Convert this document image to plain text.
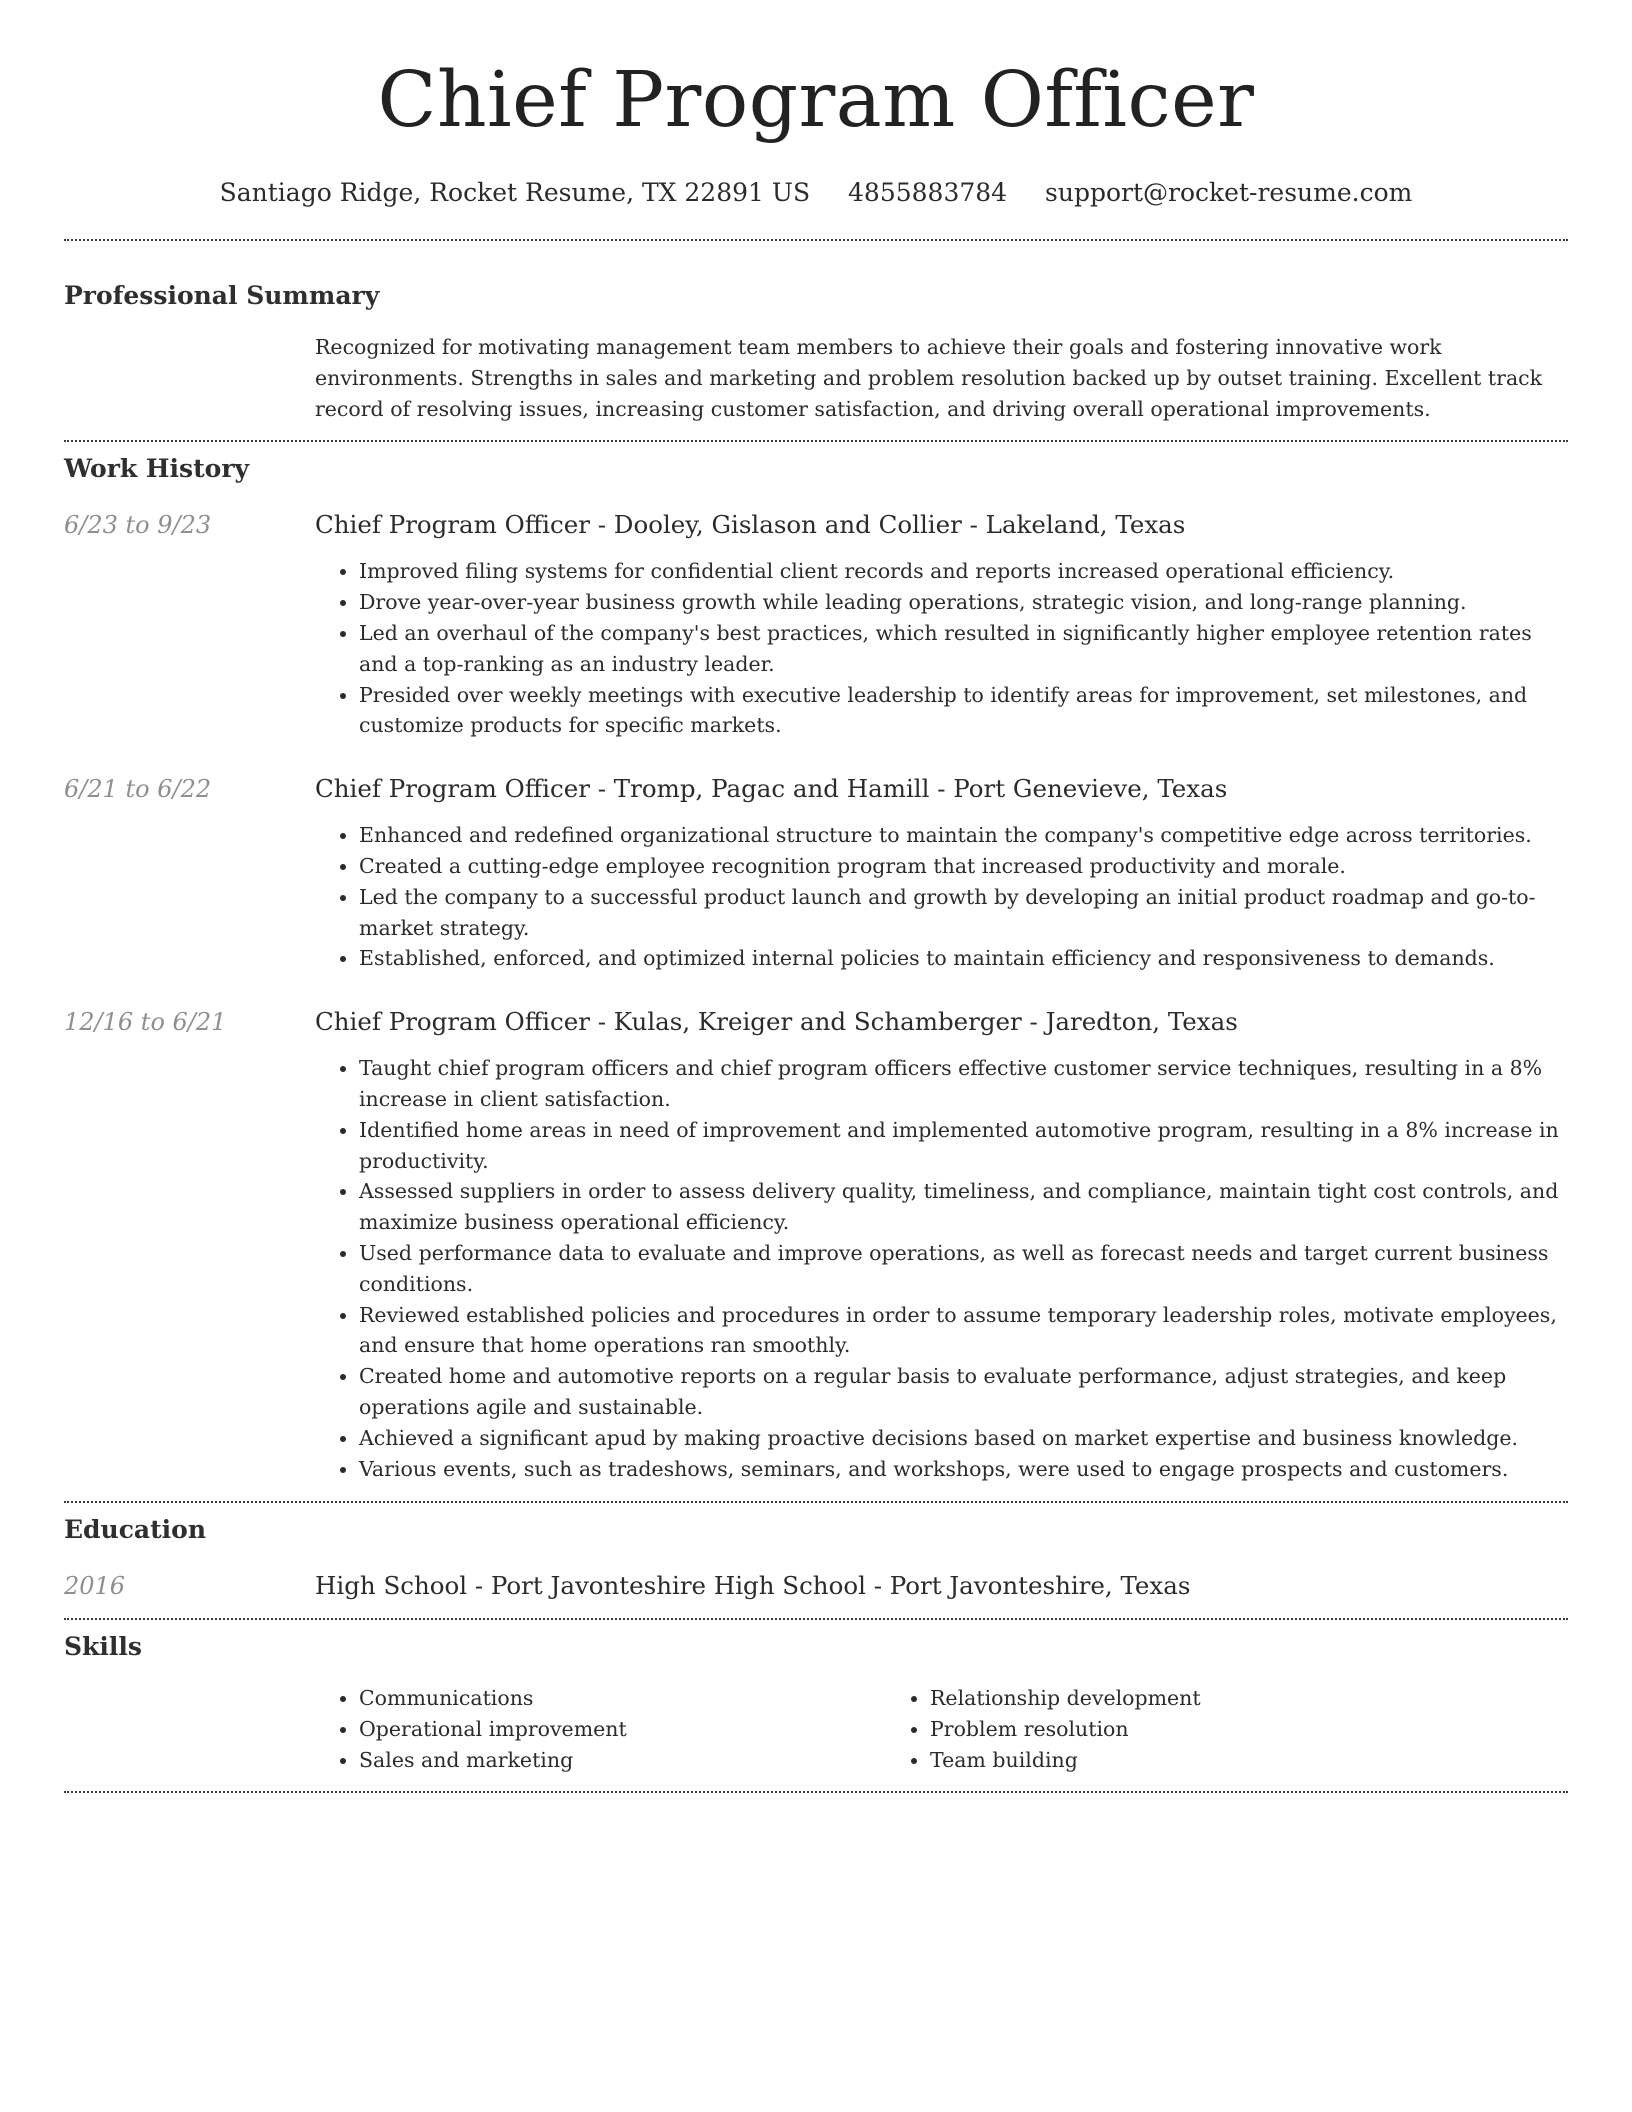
Chief Program Officer
Santiago Ridge, Rocket Resume, TX 22891 US 4855883784 support@rocket-resume.com
Professional Summary

Recognized for motivating management team members to achieve their goals and fostering innovative work environments. Strengths in sales and marketing and problem resolution backed up by outset training. Excellent track record of resolving issues, increasing customer satisfaction, and driving overall operational improvements.

Work History
6/23 to 9/23	Chief Program Officer - Dooley, Gislason and Collier - Lakeland, Texas
• Improved filing systems for confidential client records and reports increased operational efficiency.
• Drove year-over-year business growth while leading operations, strategic vision, and long-range planning.
• Led an overhaul of the company's best practices, which resulted in significantly higher employee retention rates and a top-ranking as an industry leader.
• Presided over weekly meetings with executive leadership to identify areas for improvement, set milestones, and customize products for specific markets.
6/21 to 6/22	Chief Program Officer - Tromp, Pagac and Hamill - Port Genevieve, Texas
• Enhanced and redefined organizational structure to maintain the company's competitive edge across territories.
• Created a cutting-edge employee recognition program that increased productivity and morale.
• Led the company to a successful product launch and growth by developing an initial product roadmap and go-to-market strategy.
• Established, enforced, and optimized internal policies to maintain efficiency and responsiveness to demands.
12/16 to 6/21	Chief Program Officer - Kulas, Kreiger and Schamberger - Jaredton, Texas
• Taught chief program officers and chief program officers effective customer service techniques, resulting in a 8% increase in client satisfaction.
• Identified home areas in need of improvement and implemented automotive program, resulting in a 8% increase in productivity.
• Assessed suppliers in order to assess delivery quality, timeliness, and compliance, maintain tight cost controls, and maximize business operational efficiency.
• Used performance data to evaluate and improve operations, as well as forecast needs and target current business conditions.
• Reviewed established policies and procedures in order to assume temporary leadership roles, motivate employees, and ensure that home operations ran smoothly.
• Created home and automotive reports on a regular basis to evaluate performance, adjust strategies, and keep operations agile and sustainable.
• Achieved a significant apud by making proactive decisions based on market expertise and business knowledge.
• Various events, such as tradeshows, seminars, and workshops, were used to engage prospects and customers.
Education
2016	High School - Port Javonteshire High School - Port Javonteshire, Texas
Skills
• Communications
• Operational improvement
• Sales and marketing
• Relationship development
• Problem resolution
• Team building
